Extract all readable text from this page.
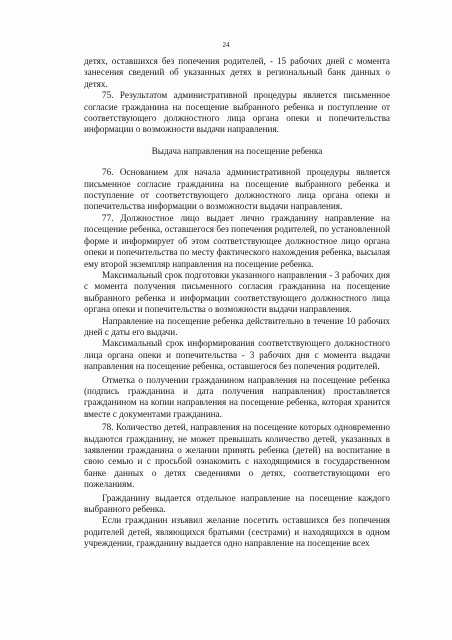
24

детях, оставшихся без попечения родителей, - 15 рабочих дней с момента занесения сведений об указанных детях в региональный банк данных о детях.

75. Результатом административной процедуры является письменное согласие гражданина на посещение выбранного ребенка и поступление от соответствующего должностного лица органа опеки и попечительства информации о возможности выдачи направления.

Выдача направления на посещение ребенка

76. Основанием для начала административной процедуры является письменное согласие гражданина на посещение выбранного ребенка и поступление от соответствующего должностного лица органа опеки и попечительства информации о возможности выдачи направления.

77. Должностное лицо выдает лично гражданину направление на посещение ребенка, оставшегося без попечения родителей, по установленной форме и информирует об этом соответствующее должностное лицо органа опеки и попечительства по месту фактического нахождения ребенка, высылая ему второй экземпляр направления на посещение ребенка.

Максимальный срок подготовки указанного направления - 3 рабочих дня с момента получения письменного согласия гражданина на посещение выбранного ребенка и информации соответствующего должностного лица органа опеки и попечительства о возможности выдачи направления.

Направление на посещение ребенка действительно в течение 10 рабочих дней с даты его выдачи.

Максимальный срок информирования соответствующего должностного лица органа опеки и попечительства - 3 рабочих дня с момента выдачи направления на посещение ребенка, оставшегося без попечения родителей.

Отметка о получении гражданином направления на посещение ребенка (подпись гражданина и дата получения направления) проставляется гражданином на копии направления на посещение ребенка, которая хранится вместе с документами гражданина.

78. Количество детей, направления на посещение которых одновременно выдаются гражданину, не может превышать количество детей, указанных в заявлении гражданина о желании принять ребенка (детей) на воспитание в свою семью и с просьбой ознакомить с находящимися в государственном банке данных о детях сведениями о детях, соответствующими его пожеланиям.

Гражданину выдается отдельное направление на посещение каждого выбранного ребенка.

Если гражданин изъявил желание посетить оставшихся без попечения родителей детей, являющихся братьями (сестрами) и находящихся в одном учреждении, гражданину выдается одно направление на посещение всех
